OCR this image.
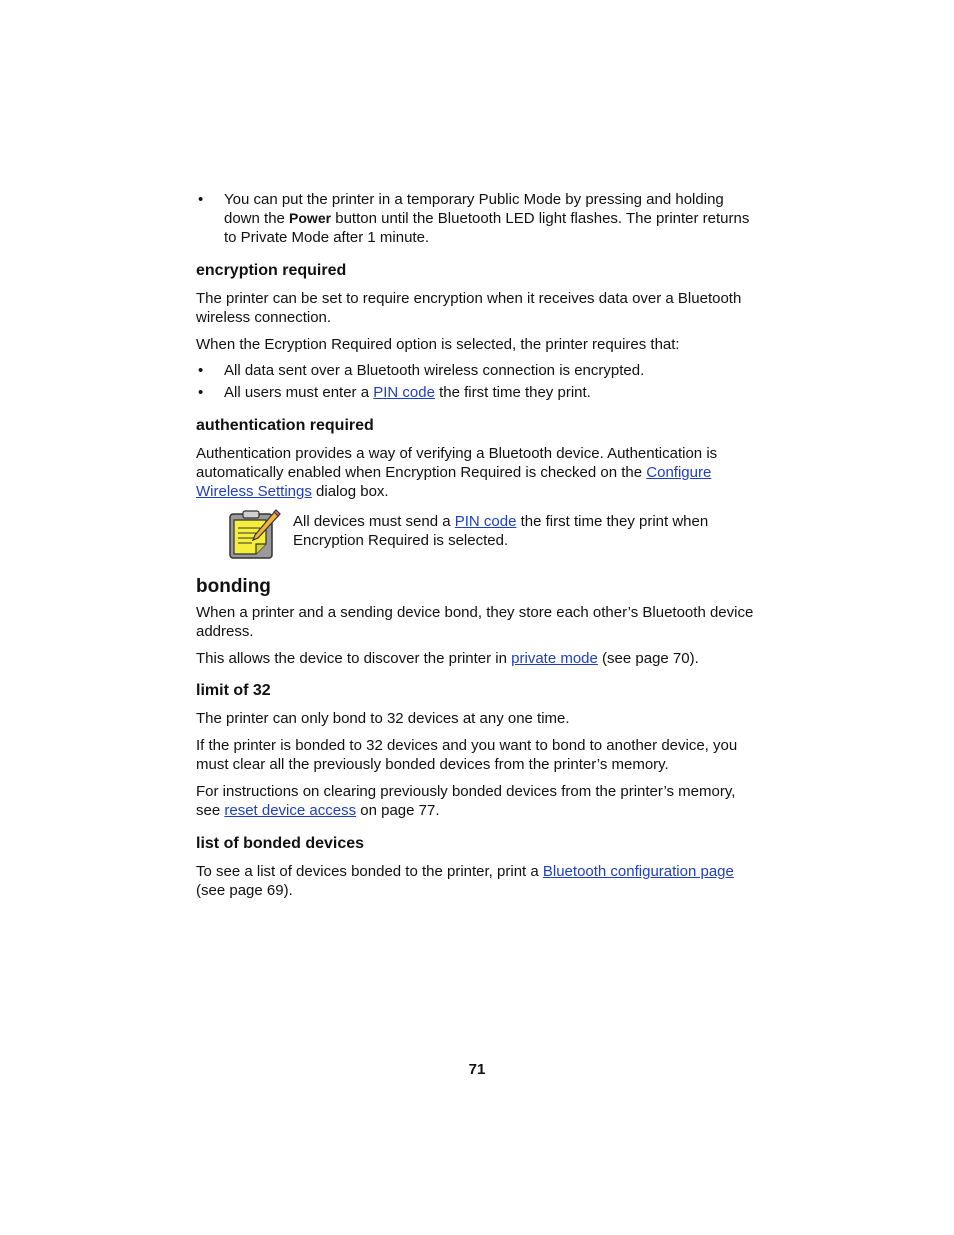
• You can put the printer in a temporary Public Mode by pressing and holding down the Power button until the Bluetooth LED light flashes. The printer returns to Private Mode after 1 minute.
encryption required

The printer can be set to require encryption when it receives data over a Bluetooth wireless connection.

When the Ecryption Required option is selected, the printer requires that:

• All data sent over a Bluetooth wireless connection is encrypted.
• All users must enter a PIN code the first time they print.
authentication required

Authentication provides a way of verifying a Bluetooth device. Authentication is automatically enabled when Encryption Required is checked on the Configure Wireless Settings dialog box.

All devices must send a PIN code the first time they print when Encryption Required is selected.

bonding

When a printer and a sending device bond, they store each other’s Bluetooth device address.

This allows the device to discover the printer in private mode (see page 70).

limit of 32

The printer can only bond to 32 devices at any one time.

If the printer is bonded to 32 devices and you want to bond to another device, you must clear all the previously bonded devices from the printer’s memory.

For instructions on clearing previously bonded devices from the printer’s memory, see reset device access on page 77.

list of bonded devices

To see a list of devices bonded to the printer, print a Bluetooth configuration page (see page 69).

71
